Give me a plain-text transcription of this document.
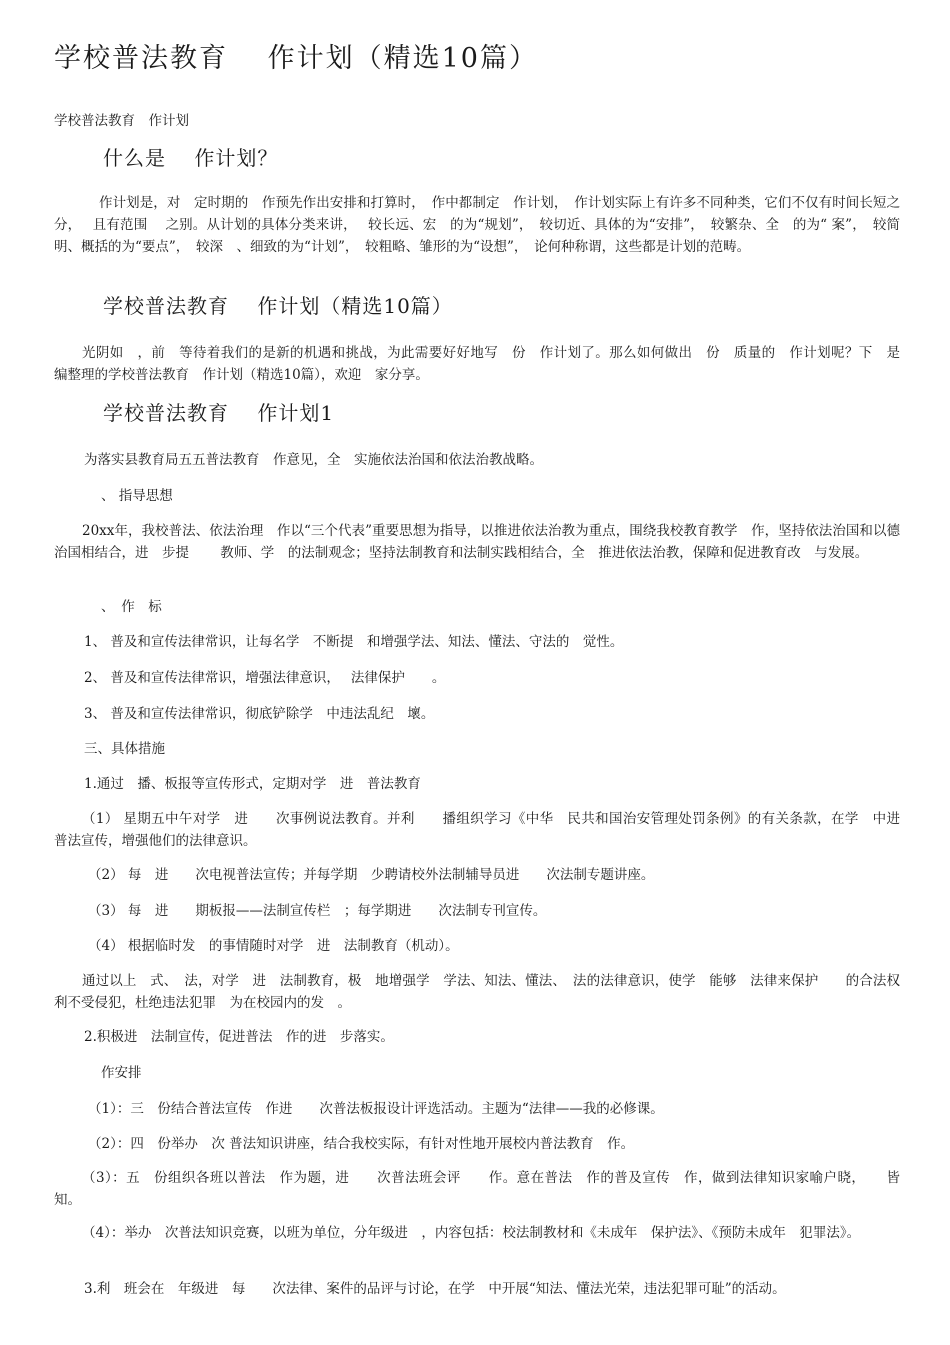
学校普法教育　 作计划（精选10篇）
学校普法教育　作计划
什么是　 作计划？

作计划是，对　定时期的　作预先作出安排和打算时，　作中都制定　作计划，　作计划实际上有许多不同种类，它们不仅有时间长短之分，　 且有范围　 之别。从计划的具体分类来讲，　 较长远、宏　的为“规划”，　较切近、具体的为“安排”，　较繁杂、全　的为“ 案”，　较简明、概括的为“要点”，　较深　、细致的为“计划”，　较粗略、雏形的为“设想”，　论何种称谓，这些都是计划的范畴。

学校普法教育　 作计划（精选10篇）

光阴如　，前　等待着我们的是新的机遇和挑战，为此需要好好地写　份　作计划了。那么如何做出　份　质量的　作计划呢？下　是　编整理的学校普法教育　作计划（精选10篇），欢迎　家分享。

学校普法教育　 作计划1
为落实县教育局五五普法教育　作意见，全　实施依法治国和依法治教战略。
、 指导思想

20xx年，我校普法、依法治理　作以“三个代表”重要思想为指导，以推进依法治教为重点，围绕我校教育教学　作，坚持依法治国和以德治国相结合，进　步提　　 教师、学　的法制观念；坚持法制教育和法制实践相结合，全　推进依法治教，保障和促进教育改　与发展。

、　作　标
1、 普及和宣传法律常识，让每名学　不断提　和增强学法、知法、懂法、守法的　觉性。
2、 普及和宣传法律常识，增强法律意识，　 法律保护　　。
3、 普及和宣传法律常识，彻底铲除学　中违法乱纪　壞。
三、具体措施
1.通过　播、板报等宣传形式，定期对学　进　普法教育

（1） 星期五中午对学　进　　次事例说法教育。并利　　播组织学习《中华　民共和国治安管理处罚条例》的有关条款，在学　中进　普法宣传，增强他们的法律意识。

（2） 每　进　　次电视普法宣传；并每学期　少聘请校外法制辅导员进　　次法制专题讲座。
（3） 每　进　　期板报——法制宣传栏　；每学期进　　次法制专刊宣传。
（4） 根据临时发　的事情随时对学　进　法制教育（机动）。

通过以上　式、　法，对学　进　法制教育，极　地增强学　学法、知法、懂法、　法的法律意识，使学　能够　法律来保护　　的合法权利不受侵犯，杜绝违法犯罪　为在校园内的发　。

2.积极进　法制宣传，促进普法　作的进　步落实。
作安排
（1）：三　份结合普法宣传　作进　　次普法板报设计评选活动。主题为“法律——我的必修课。
（2）：四　份举办　次 普法知识讲座，结合我校实际，有针对性地开展校内普法教育　作。

（3）：五　份组织各班以普法　作为题，进　　次普法班会评　　作。意在普法　作的普及宣传　作，做到法律知识家喻户晓，　　皆知。

（4）：举办　次普法知识竞赛，以班为单位，分年级进　，内容包括：校法制教材和《未成年　保护法》、《预防未成年　犯罪法》。

3.利　班会在　年级进　每　　次法律、案件的品评与讨论，在学　中开展“知法、懂法光荣，违法犯罪可耻”的活动。
